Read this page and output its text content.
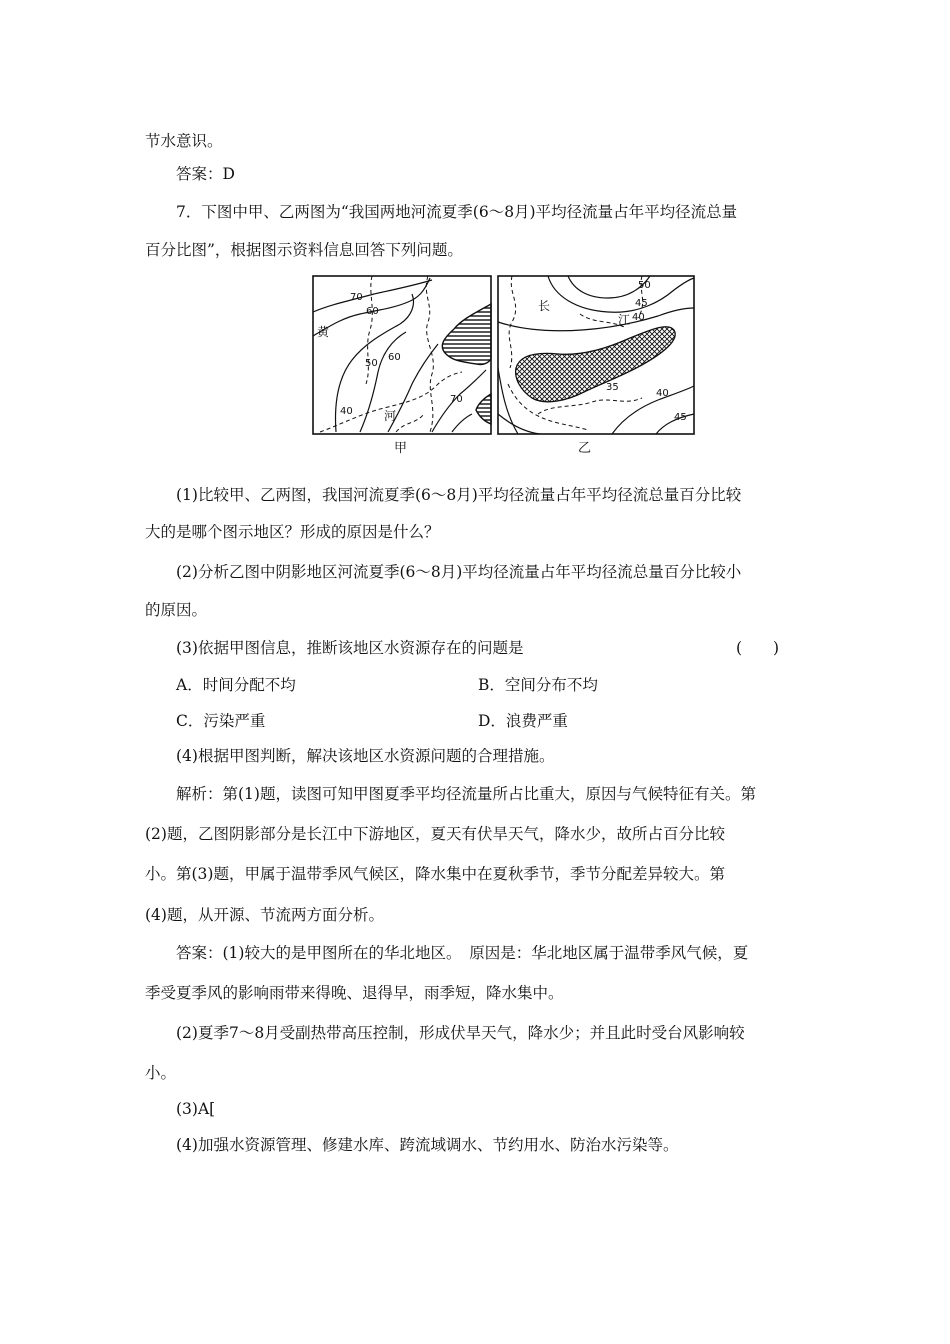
节水意识。
答案：D
7．下图中甲、乙两图为“我国两地河流夏季(6～8月)平均径流量占年平均径流总量
百分比图”，根据图示资料信息回答下列问题。
70
60
60
50
40
70
黄
河
50
45
40
35
40
45
长
江
甲	乙
(1)比较甲、乙两图，我国河流夏季(6～8月)平均径流量占年平均径流总量百分比较
大的是哪个图示地区？形成的原因是什么？
(2)分析乙图中阴影地区河流夏季(6～8月)平均径流量占年平均径流总量百分比较小
的原因。
(3)依据甲图信息，推断该地区水资源存在的问题是	(　　)
A．时间分配不均	B．空间分布不均
C．污染严重	D．浪费严重
(4)根据甲图判断，解决该地区水资源问题的合理措施。
解析：第(1)题，读图可知甲图夏季平均径流量所占比重大，原因与气候特征有关。第
(2)题，乙图阴影部分是长江中下游地区，夏天有伏旱天气，降水少，故所占百分比较
小。第(3)题，甲属于温带季风气候区，降水集中在夏秋季节，季节分配差异较大。第
(4)题，从开源、节流两方面分析。
答案：(1)较大的是甲图所在的华北地区。　原因是：华北地区属于温带季风气候，夏
季受夏季风的影响雨带来得晚、退得早，雨季短，降水集中。
(2)夏季7～8月受副热带高压控制，形成伏旱天气，降水少；并且此时受台风影响较
小。
(3)A[
(4)加强水资源管理、修建水库、跨流域调水、节约用水、防治水污染等。
